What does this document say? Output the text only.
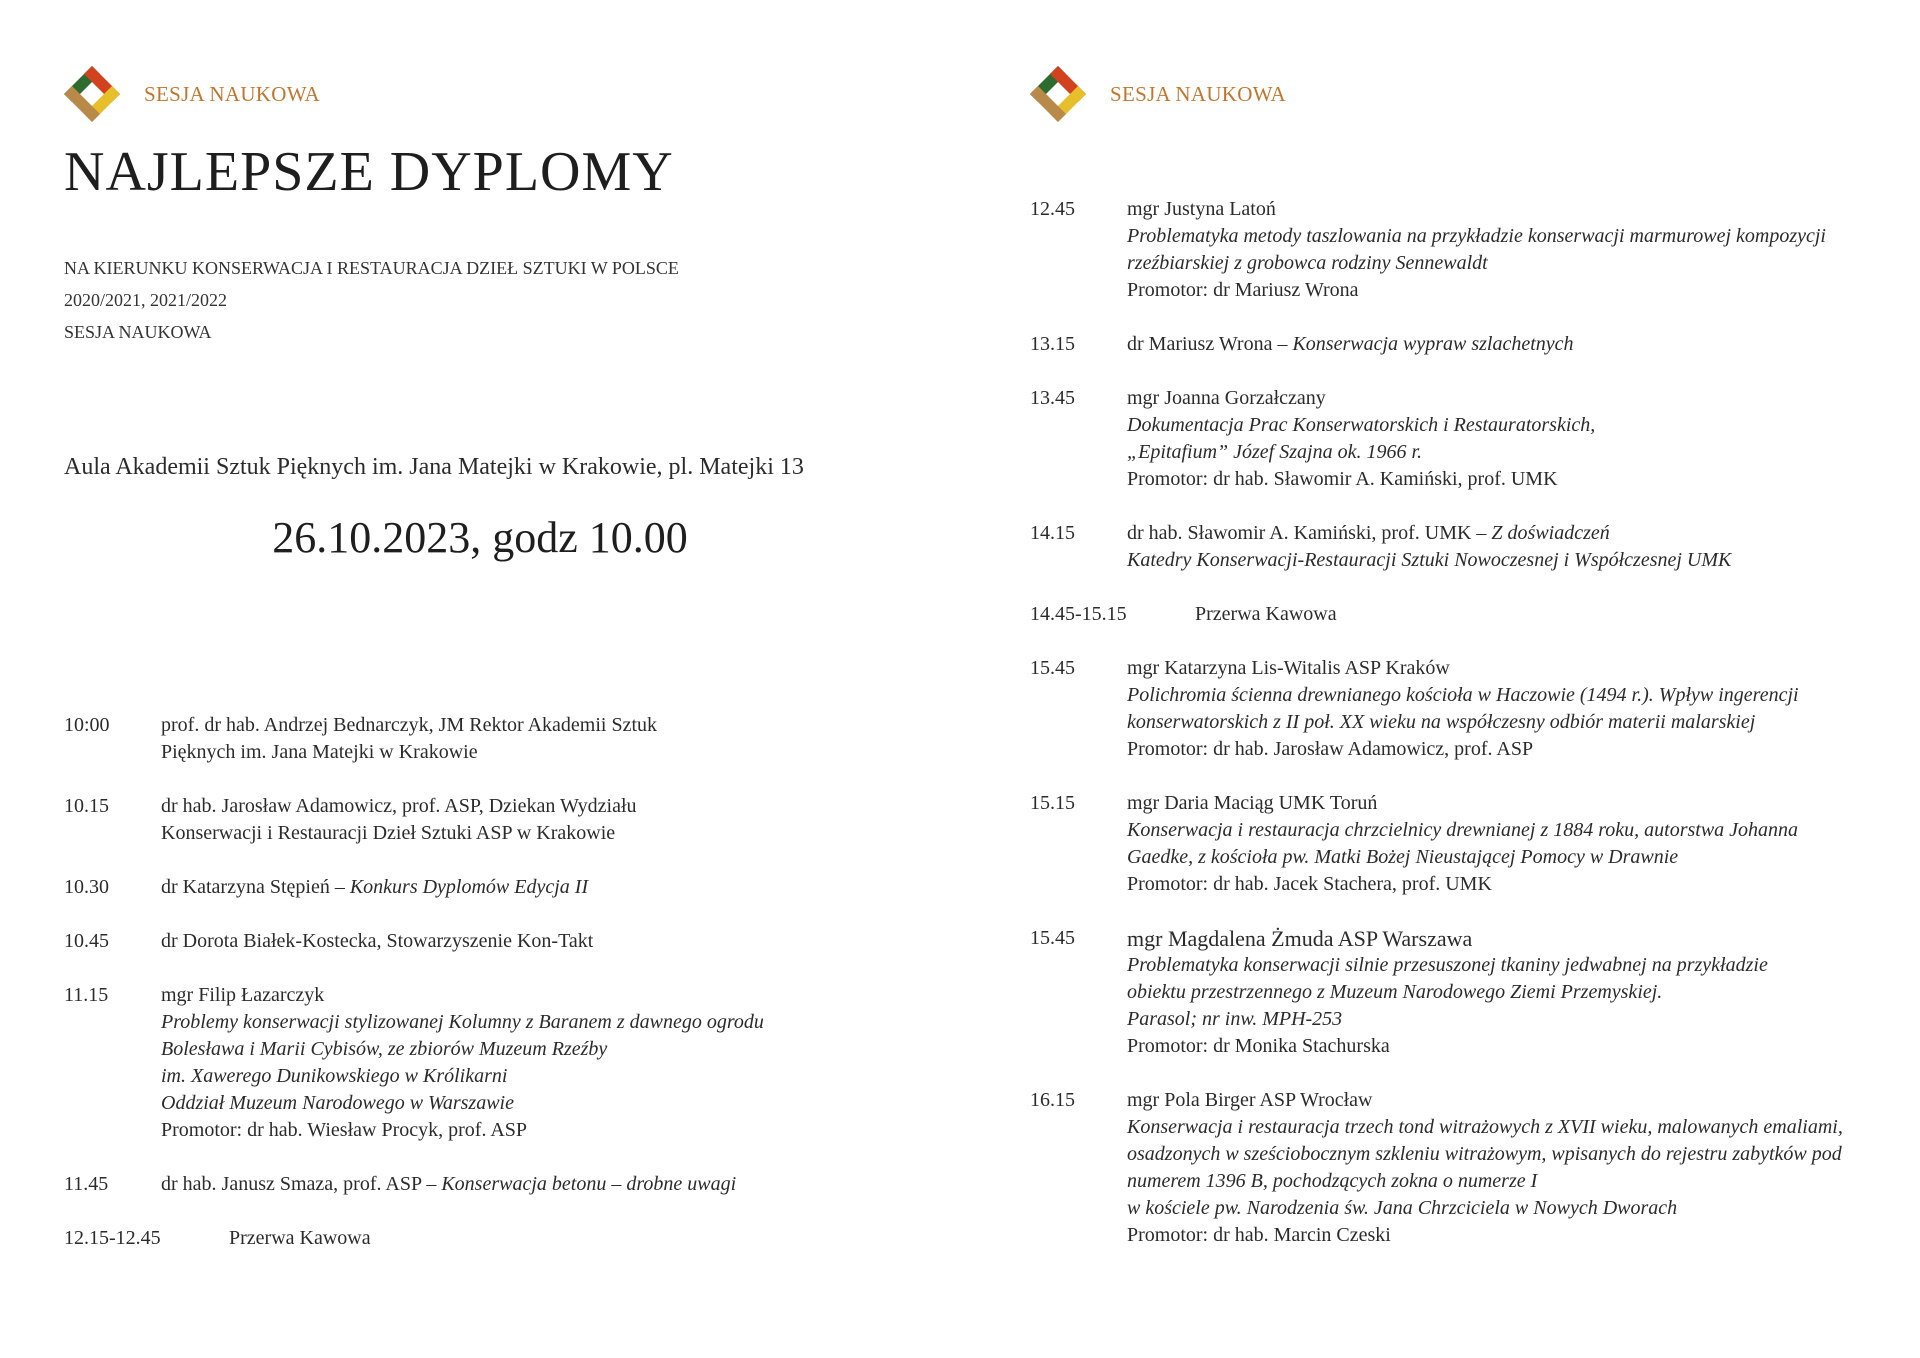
SESJA NAUKOWA
NAJLEPSZE DYPLOMY
NA KIERUNKU KONSERWACJA I RESTAURACJA DZIEŁ SZTUKI W POLSCE
2020/2021, 2021/2022
SESJA NAUKOWA
Aula Akademii Sztuk Pięknych im. Jana Matejki w Krakowie, pl. Matejki 13
26.10.2023, godz 10.00
10:00	prof. dr hab. Andrzej Bednarczyk, JM Rektor Akademii Sztuk
Pięknych im. Jana Matejki w Krakowie
10.15	dr hab. Jarosław Adamowicz, prof. ASP, Dziekan Wydziału
Konserwacji i Restauracji Dzieł Sztuki ASP w Krakowie
10.30	dr Katarzyna Stępień – Konkurs Dyplomów Edycja II
10.45	dr Dorota Białek-Kostecka, Stowarzyszenie Kon-Takt
11.15	mgr Filip Łazarczyk
Problemy konserwacji stylizowanej Kolumny z Baranem z dawnego ogrodu
Bolesława i Marii Cybisów, ze zbiorów Muzeum Rzeźby
im. Xawerego Dunikowskiego w Królikarni
Oddział Muzeum Narodowego w Warszawie
Promotor: dr hab. Wiesław Procyk, prof. ASP
11.45	dr hab. Janusz Smaza, prof. ASP – Konserwacja betonu – drobne uwagi
12.15-12.45	Przerwa Kawowa
SESJA NAUKOWA
12.45	mgr Justyna Latoń
Problematyka metody taszlowania na przykładzie konserwacji marmurowej kompozycji
rzeźbiarskiej z grobowca rodziny Sennewaldt
Promotor: dr Mariusz Wrona
13.15	dr Mariusz Wrona – Konserwacja wypraw szlachetnych
13.45	mgr Joanna Gorzałczany
Dokumentacja Prac Konserwatorskich i Restauratorskich,
„Epitafium” Józef Szajna ok. 1966 r.
Promotor: dr hab. Sławomir A. Kamiński, prof. UMK
14.15	dr hab. Sławomir A. Kamiński, prof. UMK – Z doświadczeń
Katedry Konserwacji-Restauracji Sztuki Nowoczesnej i Współczesnej UMK
14.45-15.15	Przerwa Kawowa
15.45	mgr Katarzyna Lis-Witalis ASP Kraków
Polichromia ścienna drewnianego kościoła w Haczowie (1494 r.). Wpływ ingerencji
konserwatorskich z II poł. XX wieku na współczesny odbiór materii malarskiej
Promotor: dr hab. Jarosław Adamowicz, prof. ASP
15.15	mgr Daria Maciąg UMK Toruń
Konserwacja i restauracja chrzcielnicy drewnianej z 1884 roku, autorstwa Johanna
Gaedke, z kościoła pw. Matki Bożej Nieustającej Pomocy w Drawnie
Promotor: dr hab. Jacek Stachera, prof. UMK
15.45	mgr Magdalena Żmuda ASP Warszawa
Problematyka konserwacji silnie przesuszonej tkaniny jedwabnej na przykładzie
obiektu przestrzennego z Muzeum Narodowego Ziemi Przemyskiej.
Parasol; nr inw. MPH-253
Promotor: dr Monika Stachurska
16.15	mgr Pola Birger ASP Wrocław
Konserwacja i restauracja trzech tond witrażowych z XVII wieku, malowanych emaliami,
osadzonych w sześciobocznym szkleniu witrażowym, wpisanych do rejestru zabytków pod
numerem 1396 B, pochodzących zokna o numerze I
w kościele pw. Narodzenia św. Jana Chrzciciela w Nowych Dworach
Promotor: dr hab. Marcin Czeski
